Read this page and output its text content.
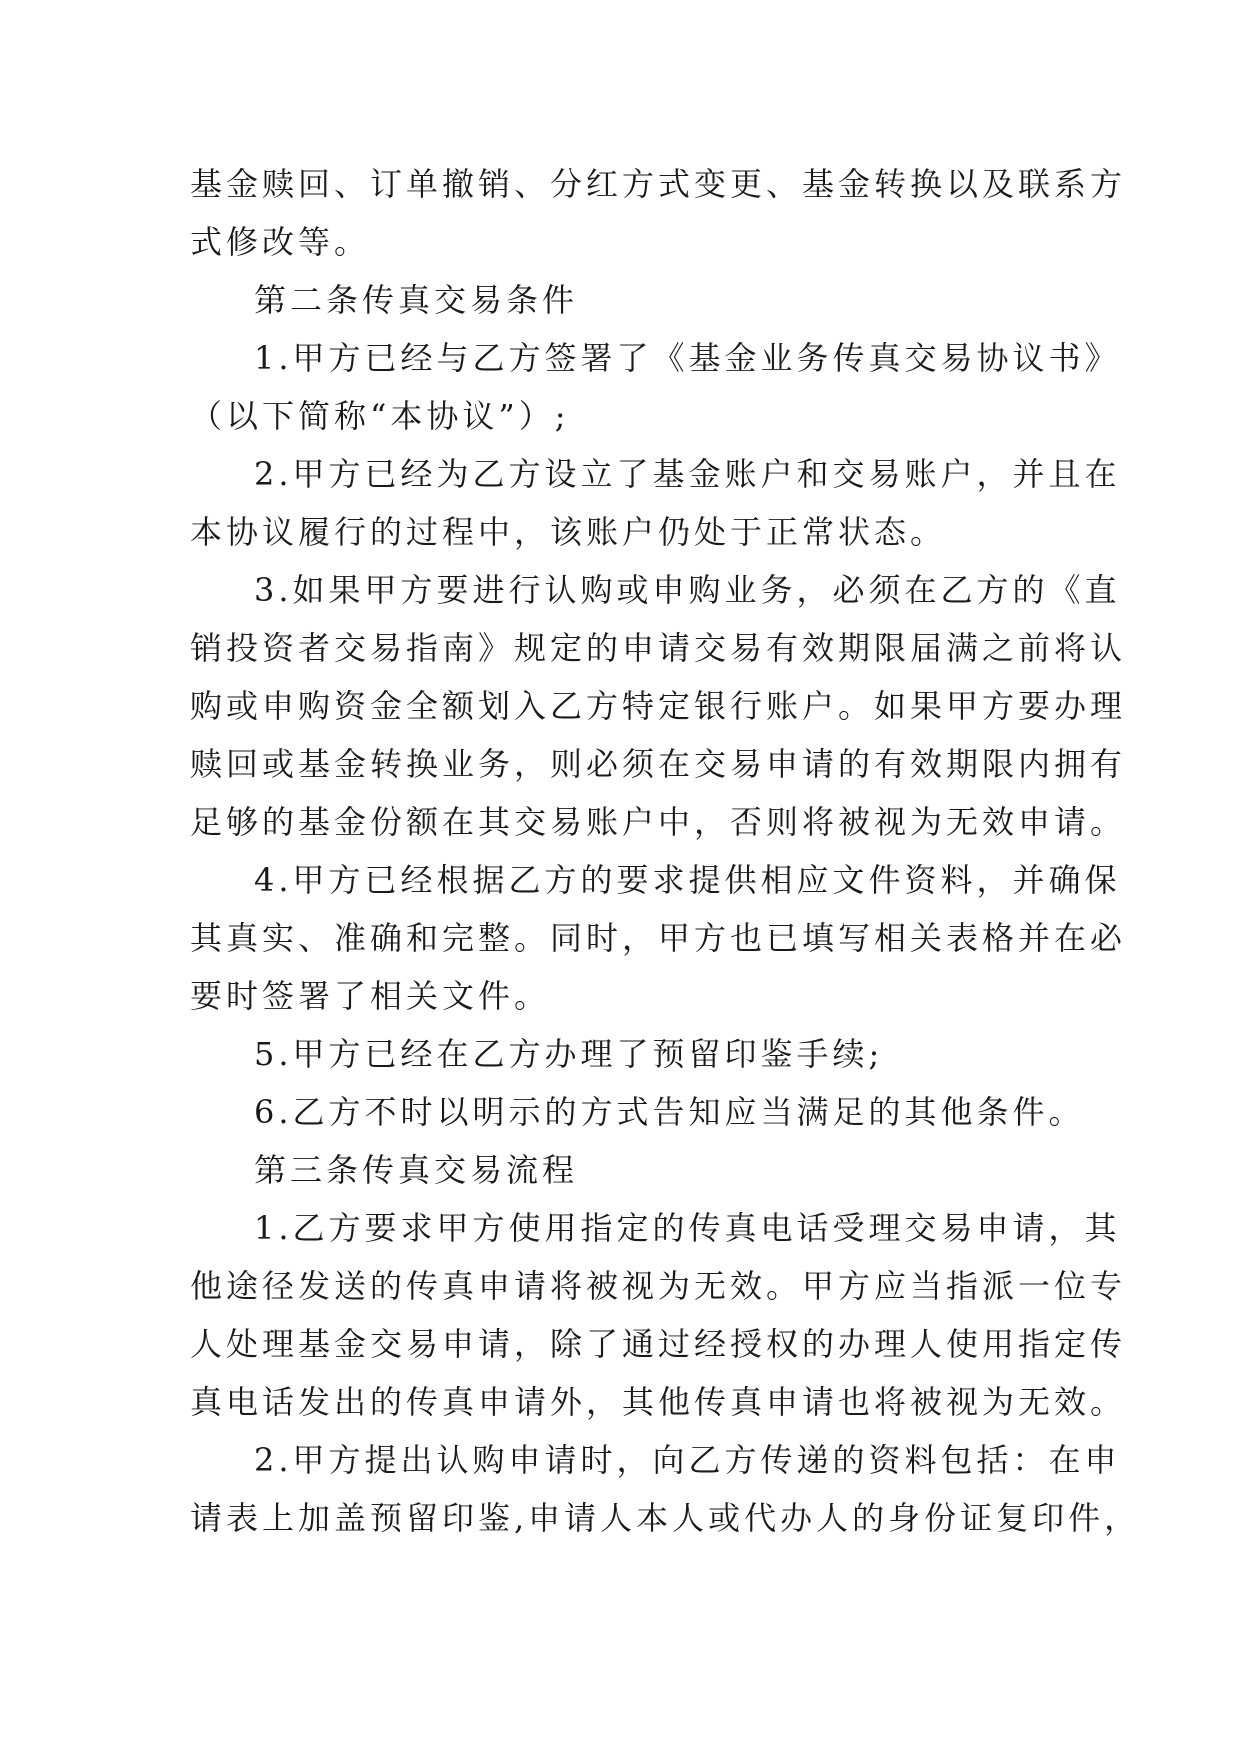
基金赎回、订单撤销、分红方式变更、基金转换以及联系方
式修改等。
第二条传真交易条件
1.甲方已经与乙方签署了《基金业务传真交易协议书》
（以下简称“本协议”）;
2.甲方已经为乙方设立了基金账户和交易账户，并且在
本协议履行的过程中，该账户仍处于正常状态。
3.如果甲方要进行认购或申购业务，必须在乙方的《直
销投资者交易指南》规定的申请交易有效期限届满之前将认
购或申购资金全额划入乙方特定银行账户。如果甲方要办理
赎回或基金转换业务，则必须在交易申请的有效期限内拥有
足够的基金份额在其交易账户中，否则将被视为无效申请。
4.甲方已经根据乙方的要求提供相应文件资料，并确保
其真实、准确和完整。同时，甲方也已填写相关表格并在必
要时签署了相关文件。
5.甲方已经在乙方办理了预留印鉴手续;
6.乙方不时以明示的方式告知应当满足的其他条件。
第三条传真交易流程
1.乙方要求甲方使用指定的传真电话受理交易申请，其
他途径发送的传真申请将被视为无效。甲方应当指派一位专
人处理基金交易申请，除了通过经授权的办理人使用指定传
真电话发出的传真申请外，其他传真申请也将被视为无效。
2.甲方提出认购申请时，向乙方传递的资料包括：在申
请表上加盖预留印鉴,申请人本人或代办人的身份证复印件，
